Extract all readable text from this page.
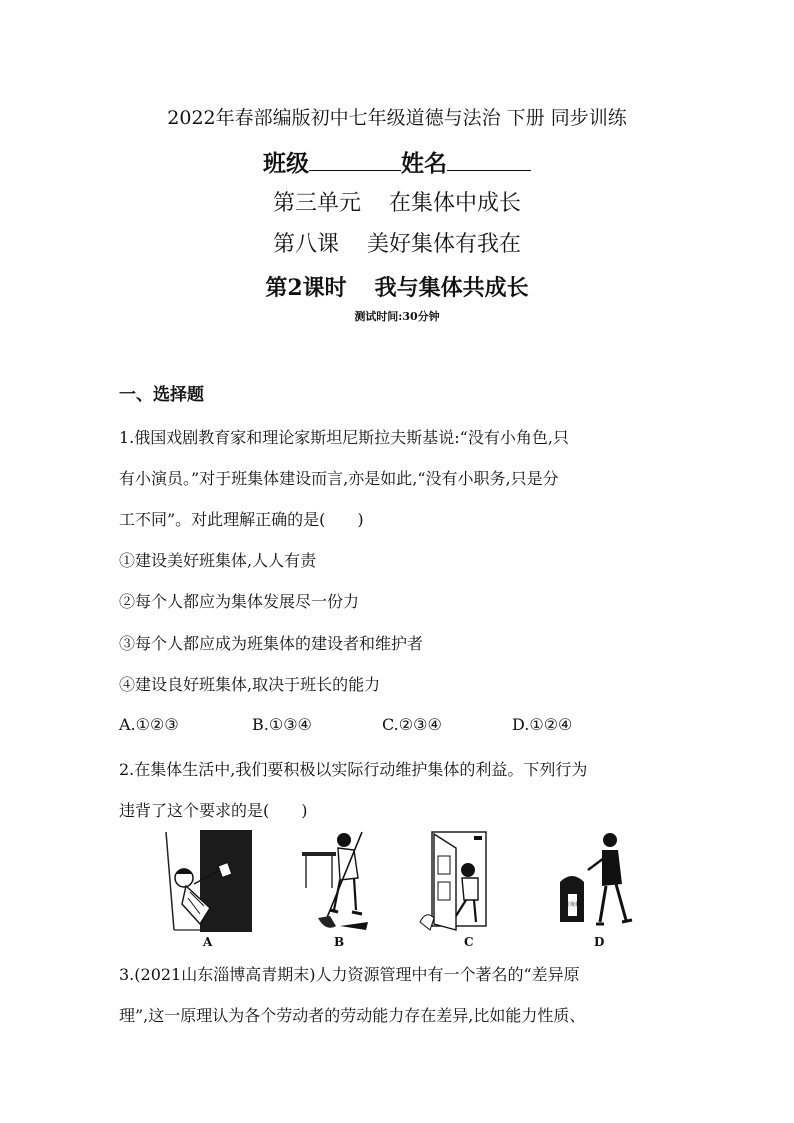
2022年春部编版初中七年级道德与法治 下册 同步训练
班级	姓名
第三单元 在集体中成长
第八课 美好集体有我在
第2课时 我与集体共成长
测试时间:30分钟
一、选择题
1.俄国戏剧教育家和理论家斯坦尼斯拉夫斯基说:“没有小角色,只
有小演员。”对于班集体建设而言,亦是如此,“没有小职务,只是分
工不同”。对此理解正确的是(　　)
①建设美好班集体,人人有责
②每个人都应为集体发展尽一份力
③每个人都应成为班集体的建设者和维护者
④建设良好班集体,取决于班长的能力
A.①②③	B.①③④	C.②③④	D.①②④
2.在集体生活中,我们要积极以实际行动维护集体的利益。下列行为
违背了这个要求的是(　　)
A	B	C
垃圾桶
D
3.(2021山东淄博高青期末)人力资源管理中有一个著名的“差异原
理”,这一原理认为各个劳动者的劳动能力存在差异,比如能力性质、
